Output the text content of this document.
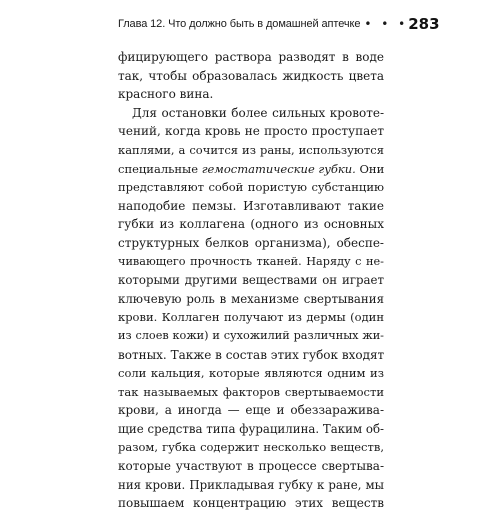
Глава 12. Что должно быть в домашней аптечке • • • 283
фицирующего раствора разводят в воде
так, чтобы образовалась жидкость цвета
красного вина.
Для остановки более сильных кровоте-
чений, когда кровь не просто проступает
каплями, а сочится из раны, используются
специальные гемостатические губки. Они
представляют собой пористую субстанцию
наподобие пемзы. Изготавливают такие
губки из коллагена (одного из основных
структурных белков организма), обеспе-
чивающего прочность тканей. Наряду с не-
которыми другими веществами он играет
ключевую роль в механизме свертывания
крови. Коллаген получают из дермы (один
из слоев кожи) и сухожилий различных жи-
вотных. Также в состав этих губок входят
соли кальция, которые являются одним из
так называемых факторов свертываемости
крови, а иногда — еще и обеззаражива-
щие средства типа фурацилина. Таким об-
разом, губка содержит несколько веществ,
которые участвуют в процессе свертыва-
ния крови. Прикладывая губку к ране, мы
повышаем концентрацию этих веществ
